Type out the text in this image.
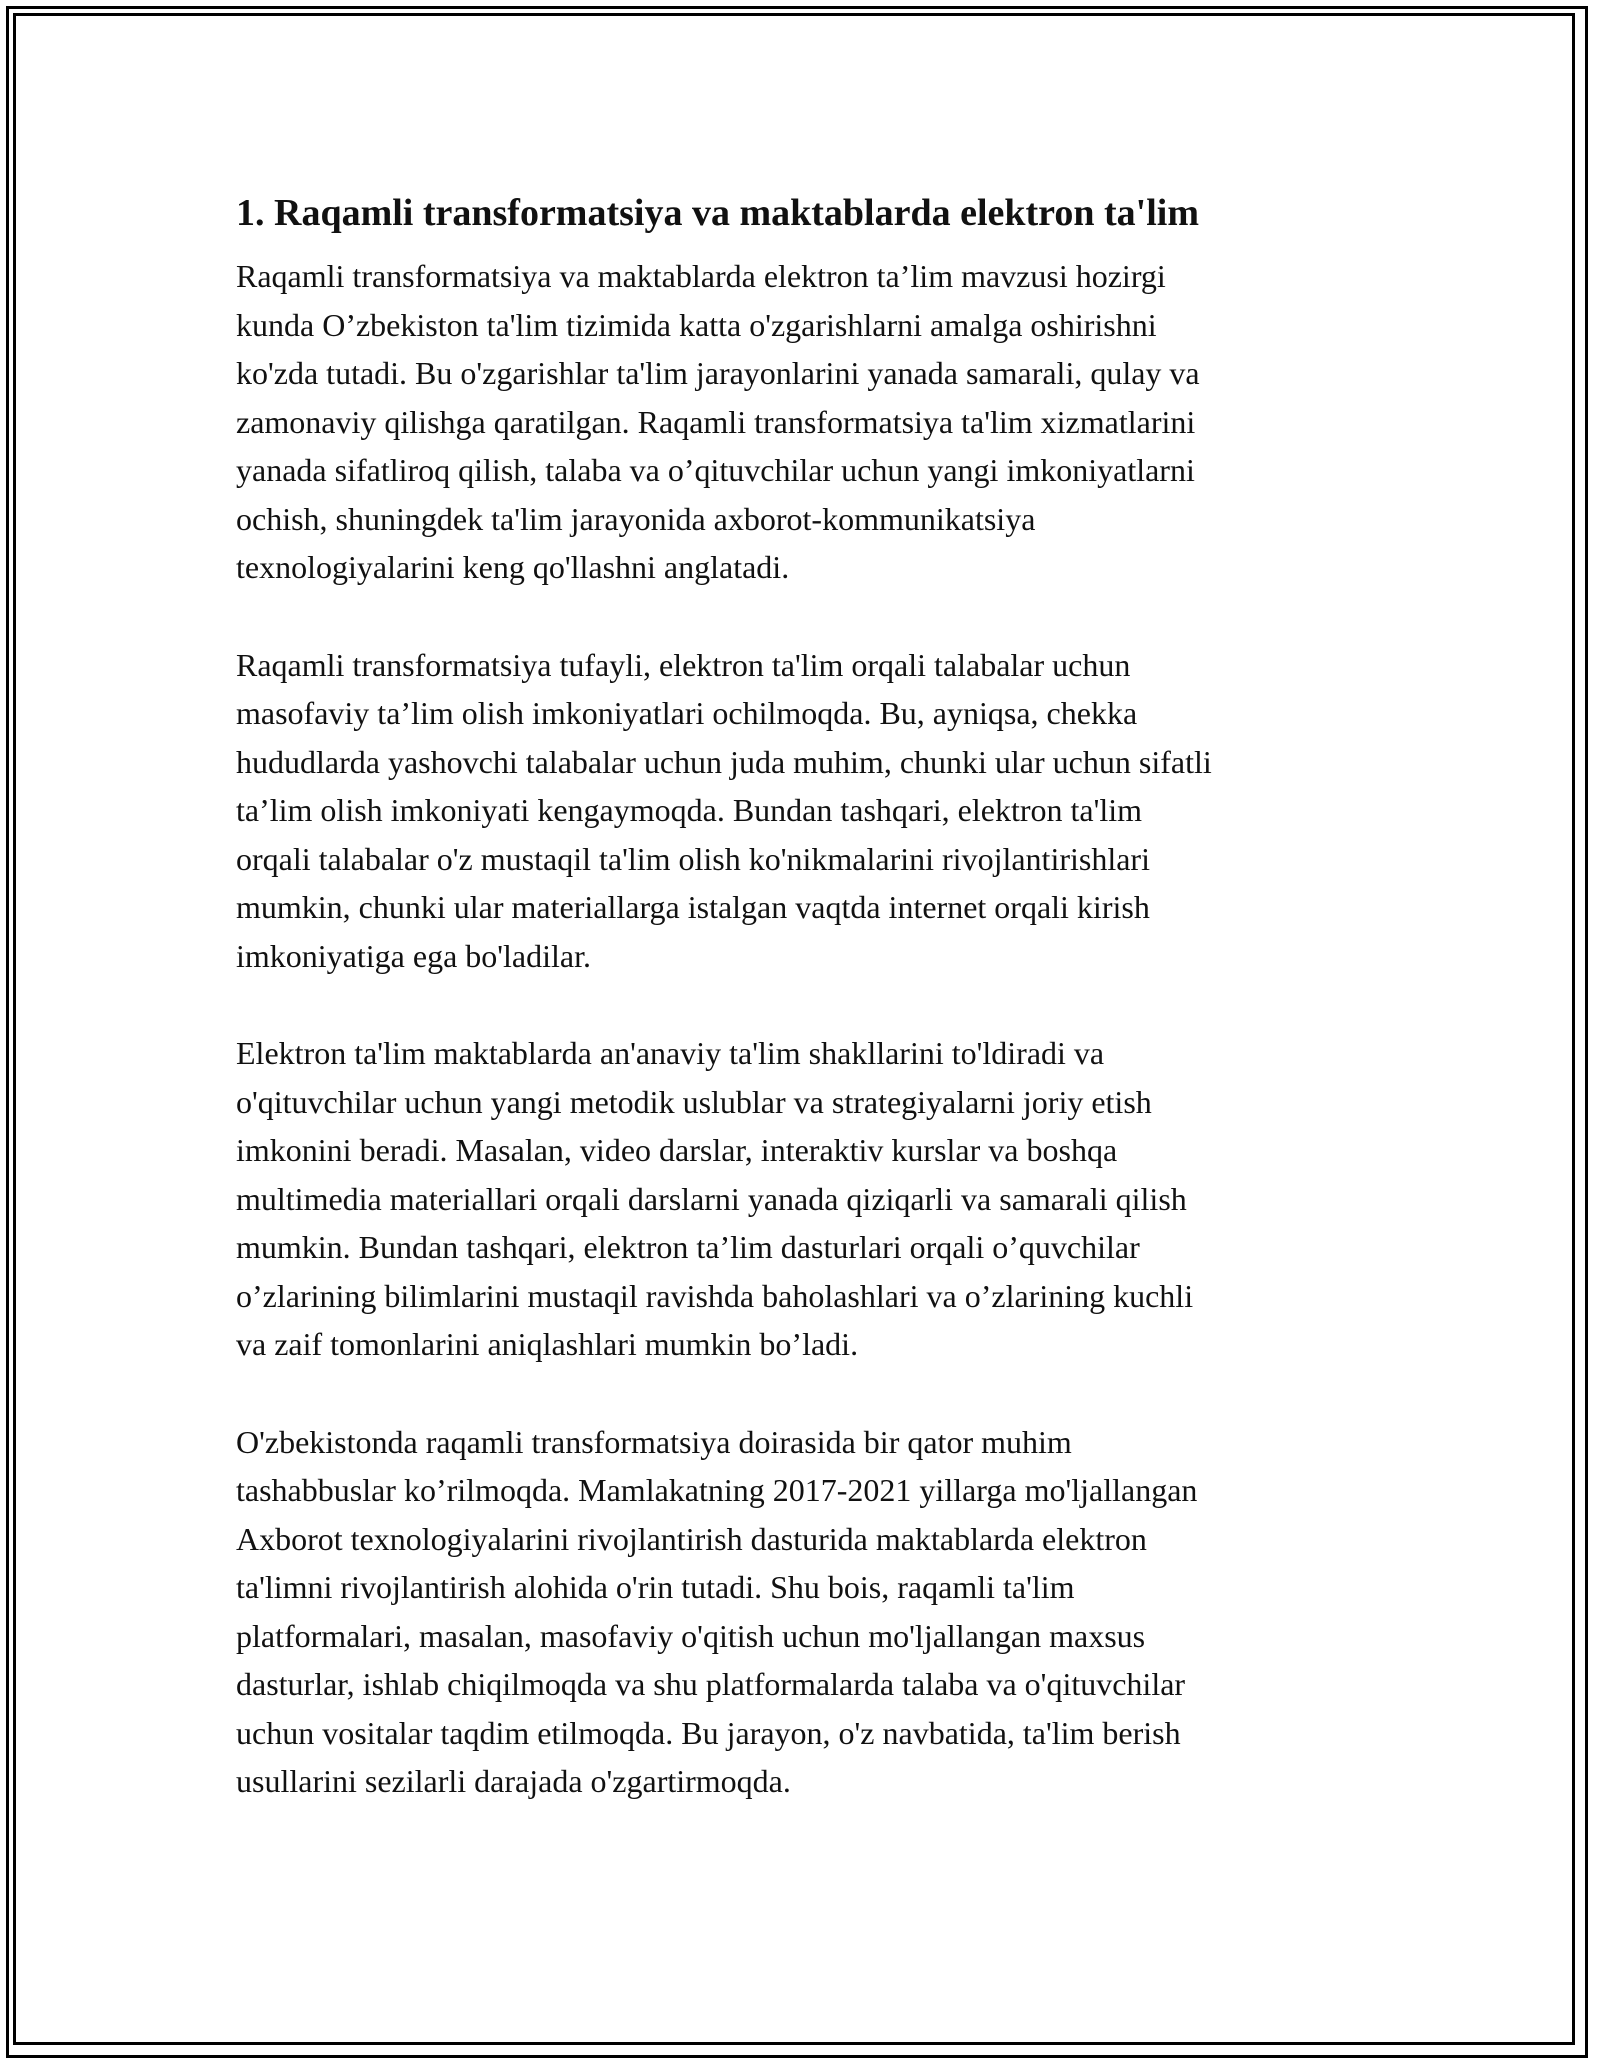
1. Raqamli transformatsiya va maktablarda elektron ta'lim

Raqamli transformatsiya va maktablarda elektron ta’lim mavzusi hozirgi
kunda O’zbekiston ta'lim tizimida katta o'zgarishlarni amalga oshirishni
ko'zda tutadi. Bu o'zgarishlar ta'lim jarayonlarini yanada samarali, qulay va
zamonaviy qilishga qaratilgan. Raqamli transformatsiya ta'lim xizmatlarini
yanada sifatliroq qilish, talaba va o’qituvchilar uchun yangi imkoniyatlarni
ochish, shuningdek ta'lim jarayonida axborot-kommunikatsiya
texnologiyalarini keng qo'llashni anglatadi.

Raqamli transformatsiya tufayli, elektron ta'lim orqali talabalar uchun
masofaviy ta’lim olish imkoniyatlari ochilmoqda. Bu, ayniqsa, chekka
hududlarda yashovchi talabalar uchun juda muhim, chunki ular uchun sifatli
ta’lim olish imkoniyati kengaymoqda. Bundan tashqari, elektron ta'lim
orqali talabalar o'z mustaqil ta'lim olish ko'nikmalarini rivojlantirishlari
mumkin, chunki ular materiallarga istalgan vaqtda internet orqali kirish
imkoniyatiga ega bo'ladilar.

Elektron ta'lim maktablarda an'anaviy ta'lim shakllarini to'ldiradi va
o'qituvchilar uchun yangi metodik uslublar va strategiyalarni joriy etish
imkonini beradi. Masalan, video darslar, interaktiv kurslar va boshqa
multimedia materiallari orqali darslarni yanada qiziqarli va samarali qilish
mumkin. Bundan tashqari, elektron ta’lim dasturlari orqali o’quvchilar
o’zlarining bilimlarini mustaqil ravishda baholashlari va o’zlarining kuchli
va zaif tomonlarini aniqlashlari mumkin bo’ladi.

O'zbekistonda raqamli transformatsiya doirasida bir qator muhim
tashabbuslar ko’rilmoqda. Mamlakatning 2017-2021 yillarga mo'ljallangan
Axborot texnologiyalarini rivojlantirish dasturida maktablarda elektron
ta'limni rivojlantirish alohida o'rin tutadi. Shu bois, raqamli ta'lim
platformalari, masalan, masofaviy o'qitish uchun mo'ljallangan maxsus
dasturlar, ishlab chiqilmoqda va shu platformalarda talaba va o'qituvchilar
uchun vositalar taqdim etilmoqda. Bu jarayon, o'z navbatida, ta'lim berish
usullarini sezilarli darajada o'zgartirmoqda.
